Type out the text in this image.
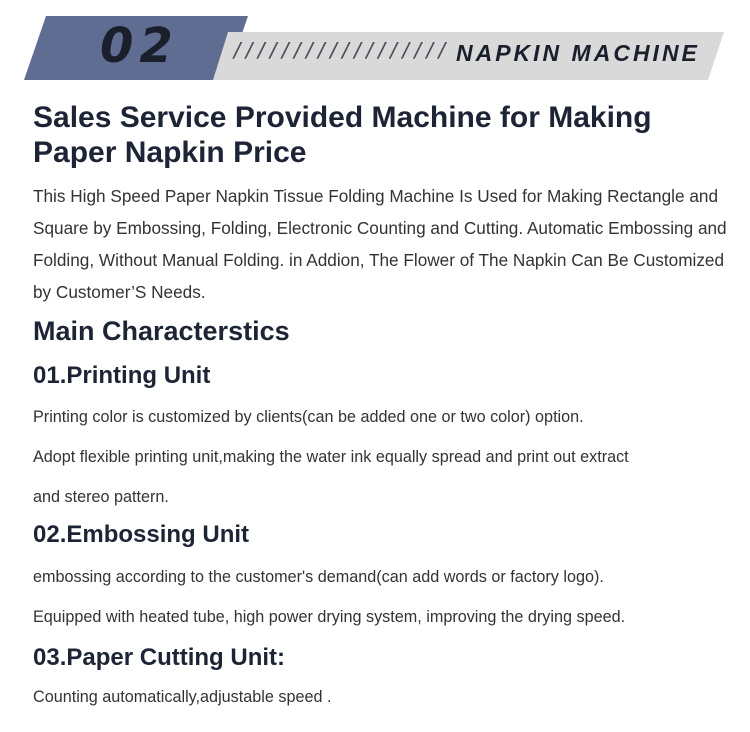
02	////////////////// NAPKIN MACHINE
Sales Service Provided Machine for Making Paper Napkin Price
This High Speed Paper Napkin Tissue Folding Machine Is Used for Making Rectangle and Square by Embossing, Folding, Electronic Counting and Cutting. Automatic Embossing and Folding, Without Manual Folding. in Addion, The Flower of The Napkin Can Be Customized by Customer’S Needs.
Main Characterstics
01.Printing Unit
Printing color is customized by clients(can be added one or two color) option.
Adopt flexible printing unit,making the water ink equally spread and print out extract
and stereo pattern.
02.Embossing Unit
embossing according to the customer's demand(can add words or factory logo).
Equipped with heated tube, high power drying system, improving the drying speed.
03.Paper Cutting Unit:
Counting automatically,adjustable speed .
